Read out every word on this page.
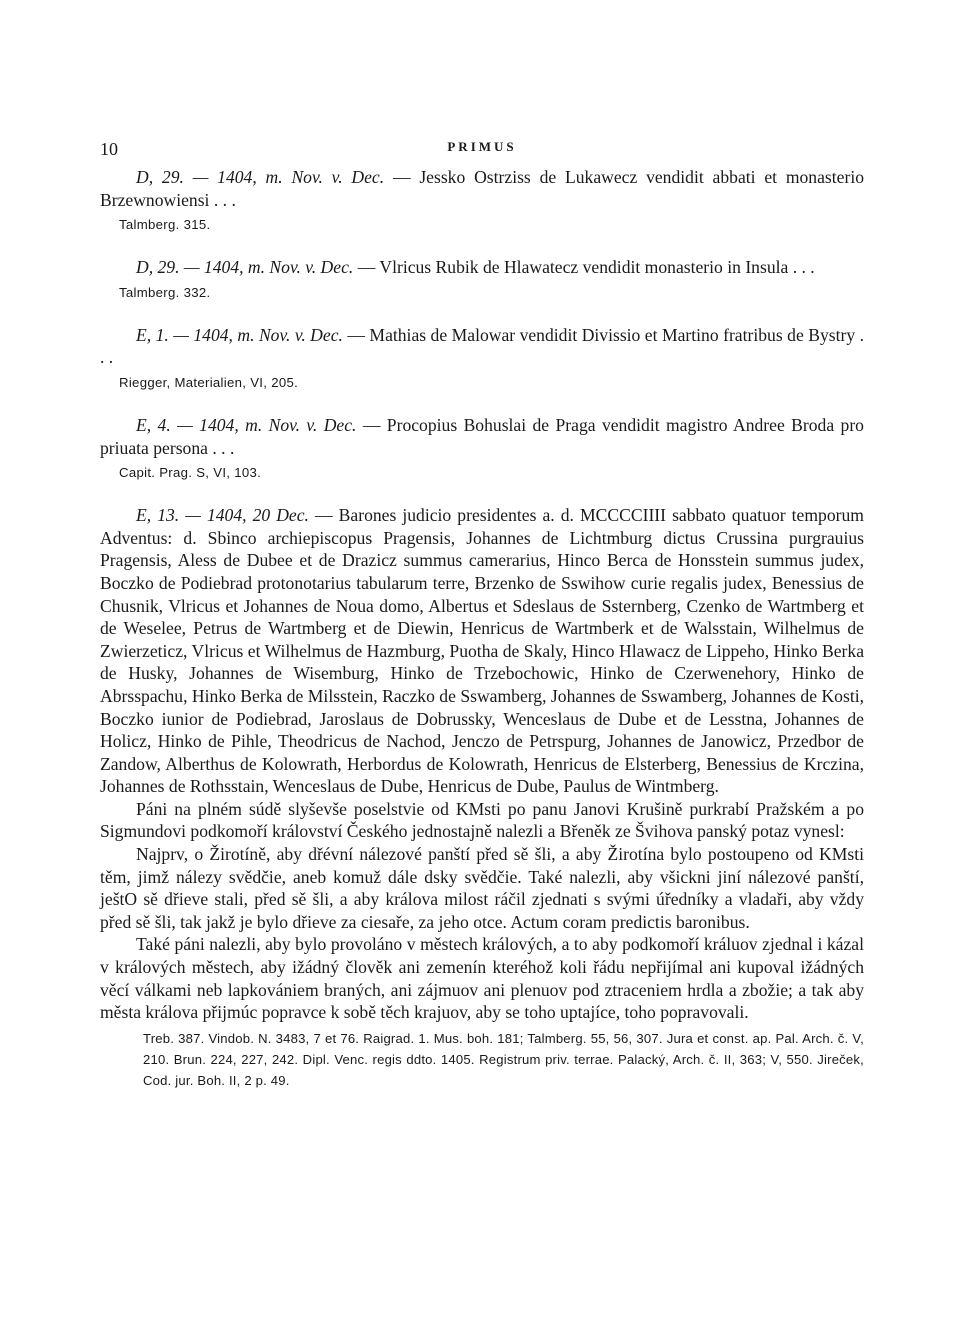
10	PRIMUS

D, 29. — 1404, m. Nov. v. Dec. — Jessko Ostrziss de Lukawecz vendidit abbati et monasterio Brzewnowiensi . . .

Talmberg. 315.

D, 29. — 1404, m. Nov. v. Dec. — Vlricus Rubik de Hlawatecz vendidit monasterio in Insula . . .

Talmberg. 332.

E, 1. — 1404, m. Nov. v. Dec. — Mathias de Malowar vendidit Divissio et Martino fratribus de Bystry . . .

Riegger, Materialien, VI, 205.

E, 4. — 1404, m. Nov. v. Dec. — Procopius Bohuslai de Praga vendidit magistro Andree Broda pro priuata persona . . .

Capit. Prag. S, VI, 103.

E, 13. — 1404, 20 Dec. — Barones judicio presidentes a. d. MCCCCIIII sabbato quatuor temporum Adventus: d. Sbinco archiepiscopus Pragensis, Johannes de Lichtmburg dictus Crussina purgrauius Pragensis, Aless de Dubee et de Drazicz summus camerarius, Hinco Berca de Honsstein summus judex, Boczko de Podiebrad protonotarius tabularum terre, Brzenko de Sswihow curie regalis judex, Benessius de Chusnik, Vlricus et Johannes de Noua domo, Albertus et Sdeslaus de Ssternberg, Czenko de Wartmberg et de Weselee, Petrus de Wartmberg et de Diewin, Henricus de Wartmberk et de Walsstain, Wilhelmus de Zwierzeticz, Vlricus et Wilhelmus de Hazmburg, Puotha de Skaly, Hinco Hlawacz de Lippeho, Hinko Berka de Husky, Johannes de Wisemburg, Hinko de Trzebochowic, Hinko de Czerwenehory, Hinko de Abrsspachu, Hinko Berka de Milsstein, Raczko de Sswamberg, Johannes de Sswamberg, Johannes de Kosti, Boczko iunior de Podiebrad, Jaroslaus de Dobrussky, Wenceslaus de Dube et de Lesstna, Johannes de Holicz, Hinko de Pihle, Theodricus de Nachod, Jenczo de Petrspurg, Johannes de Janowicz, Przedbor de Zandow, Alberthus de Kolowrath, Herbordus de Kolowrath, Henricus de Elsterberg, Benessius de Krczina, Johannes de Rothsstain, Wenceslaus de Dube, Henricus de Dube, Paulus de Wintmberg.

Páni na plném súdě slyševše poselstvie od KMsti po panu Janovi Krušině purkrabí Pražském a po Sigmundovi podkomoří království Českého jednostajně nalezli a Břeněk ze Švihova panský potaz vynesl:

Najprv, o Žirotíně, aby dřévní nálezové panští před sě šli, a aby Žirotína bylo postoupeno od KMsti těm, jimž nálezy svědčie, aneb komuž dále dsky svědčie. Také nalezli, aby všickni jiní nálezové panští, ještO sě dřieve stali, před sě šli, a aby králova milost ráčil zjednati s svými úředníky a vladaři, aby vždy před sě šli, tak jakž je bylo dřieve za ciesaře, za jeho otce. Actum coram predictis baronibus.

Také páni nalezli, aby bylo provoláno v městech králových, a to aby podkomoří králuov zjednal i kázal v králových městech, aby ižádný člověk ani zemenín kteréhož koli řádu nepřijímal ani kupoval ižádných věcí válkami neb lapkovániem braných, ani zájmuov ani plenuov pod ztraceniem hrdla a zbožie; a tak aby města králova přijmúc popravce k sobě těch krajuov, aby se toho uptajíce, toho popravovali.

Treb. 387. Vindob. N. 3483, 7 et 76. Raigrad. 1. Mus. boh. 181; Talmberg. 55, 56, 307. Jura et const. ap. Pal. Arch. č. V, 210. Brun. 224, 227, 242. Dipl. Venc. regis ddto. 1405. Registrum priv. terrae. Palacký, Arch. č. II, 363; V, 550. Jireček, Cod. jur. Boh. II, 2 p. 49.
